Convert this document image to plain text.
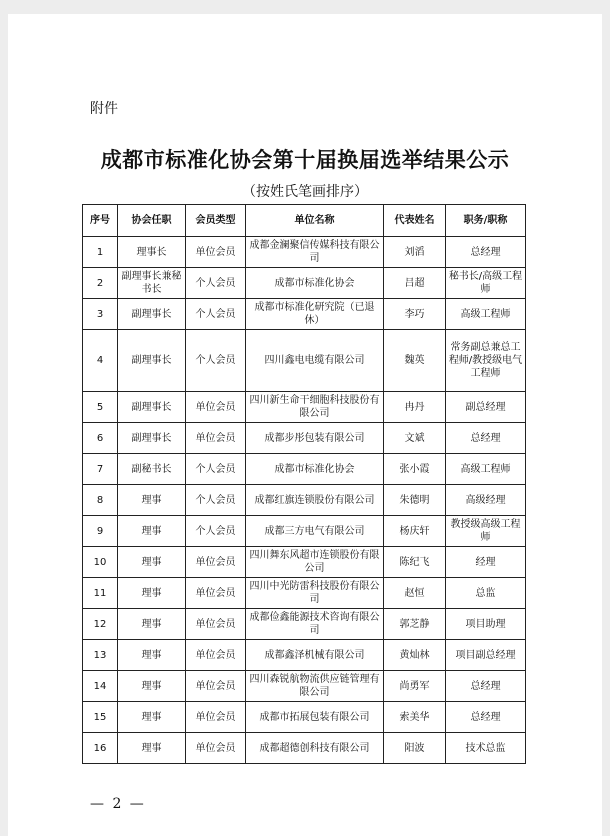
附件
成都市标准化协会第十届换届选举结果公示
（按姓氏笔画排序）
序号	协会任职	会员类型	单位名称	代表姓名	职务/职称
1	理事长	单位会员	成都金澜聚信传媒科技有限公司	刘滔	总经理
2	副理事长兼秘书长	个人会员	成都市标准化协会	吕超	秘书长/高级工程师
3	副理事长	个人会员	成都市标准化研究院（已退休）	李巧	高级工程师
4	副理事长	个人会员	四川鑫电电缆有限公司	魏英	常务副总兼总工程师/教授级电气工程师
5	副理事长	单位会员	四川新生命干细胞科技股份有限公司	冉丹	副总经理
6	副理事长	单位会员	成都步彤包装有限公司	文斌	总经理
7	副秘书长	个人会员	成都市标准化协会	张小霞	高级工程师
8	理事	个人会员	成都红旗连锁股份有限公司	朱德明	高级经理
9	理事	个人会员	成都三方电气有限公司	杨庆轩	教授级高级工程师
10	理事	单位会员	四川舞东风超市连锁股份有限公司	陈纪飞	经理
11	理事	单位会员	四川中光防雷科技股份有限公司	赵恒	总监
12	理事	单位会员	成都俭鑫能源技术咨询有限公司	郭芝静	项目助理
13	理事	单位会员	成都鑫泽机械有限公司	黄灿林	项目副总经理
14	理事	单位会员	四川森锐航物流供应链管理有限公司	尚勇军	总经理
15	理事	单位会员	成都市拓展包装有限公司	索美华	总经理
16	理事	单位会员	成都超德创科技有限公司	阳波	技术总监
— 2 —
